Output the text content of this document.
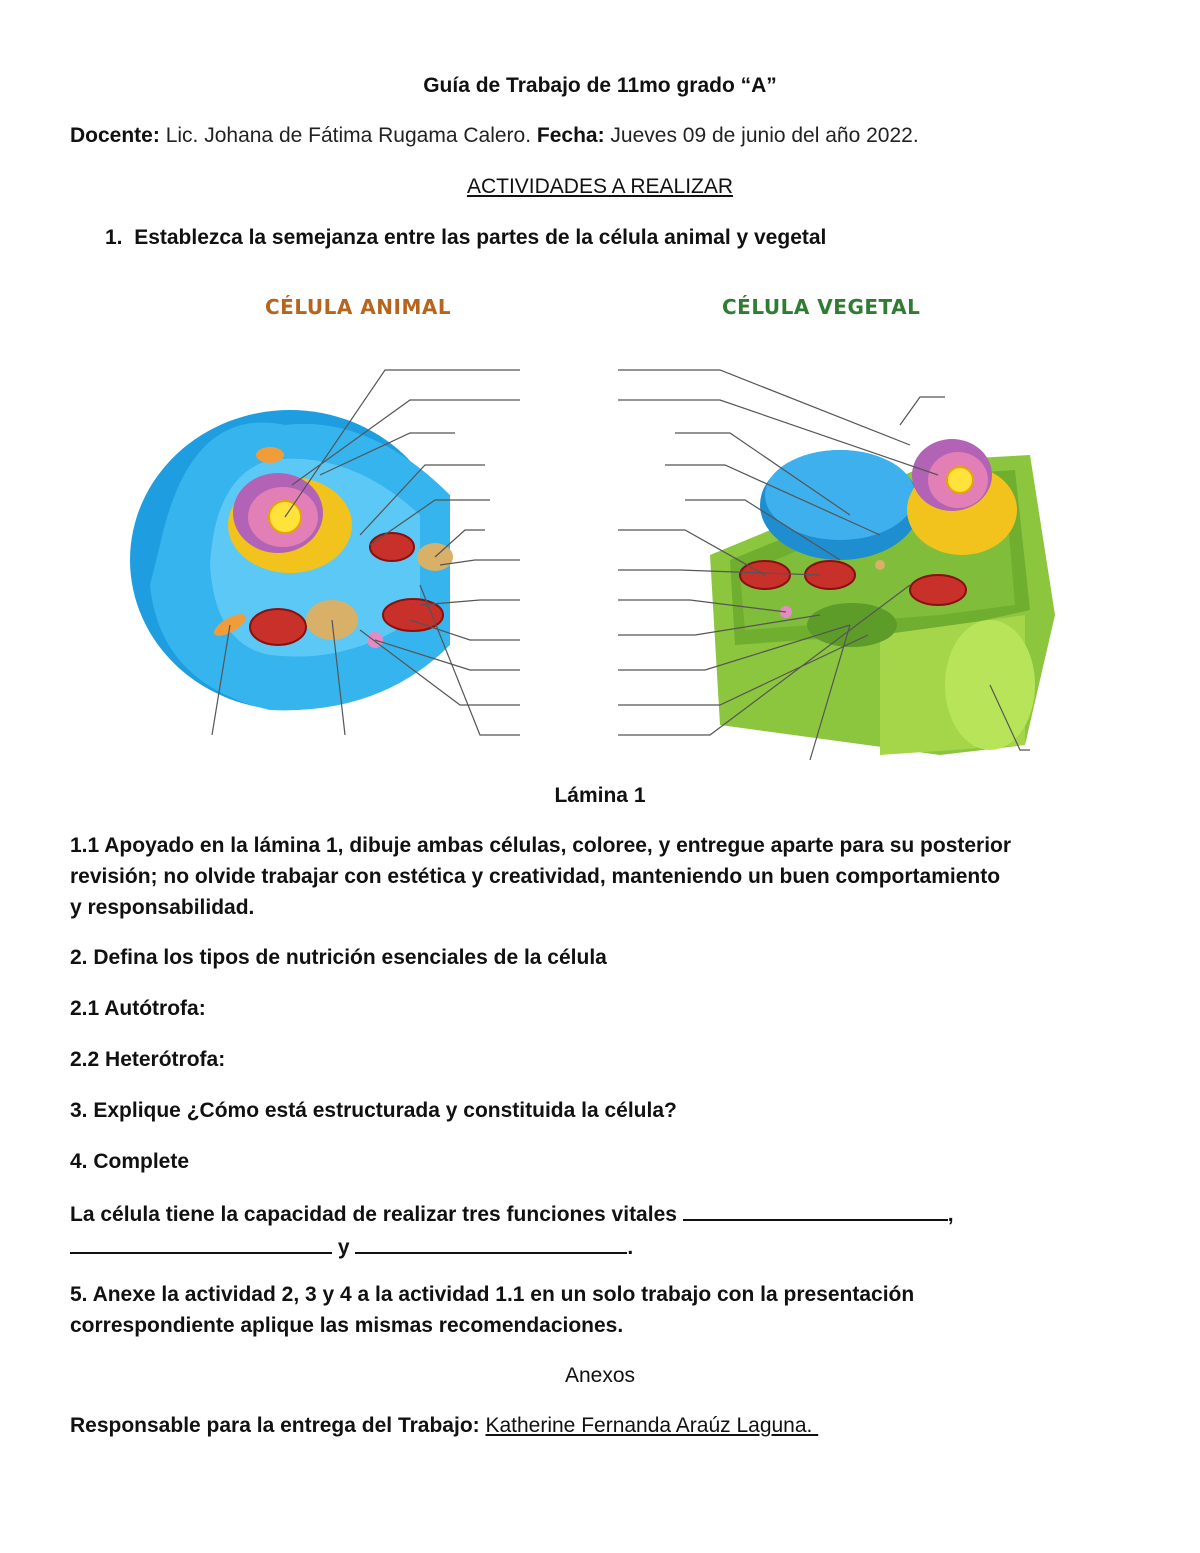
Guía de Trabajo de 11mo grado “A”
Docente: Lic. Johana de Fátima Rugama Calero. Fecha: Jueves 09 de junio del año 2022.
ACTIVIDADES A REALIZAR
1. Establezca la semejanza entre las partes de la célula animal y vegetal
CÉLULA ANIMAL	CÉLULA VEGETAL
Lámina 1
1.1 Apoyado en la lámina 1, dibuje ambas células, coloree, y entregue aparte para su posterior
revisión; no olvide trabajar con estética y creatividad, manteniendo un buen comportamiento
y responsabilidad.
2. Defina los tipos de nutrición esenciales de la célula
2.1 Autótrofa:
2.2 Heterótrofa:
3. Explique ¿Cómo está estructurada y constituida la célula?
4. Complete
La célula tiene la capacidad de realizar tres funciones vitales	,
y	.
5. Anexe la actividad 2, 3 y 4 a la actividad 1.1 en un solo trabajo con la presentación
correspondiente aplique las mismas recomendaciones.
Anexos
Responsable para la entrega del Trabajo: Katherine Fernanda Araúz Laguna.
